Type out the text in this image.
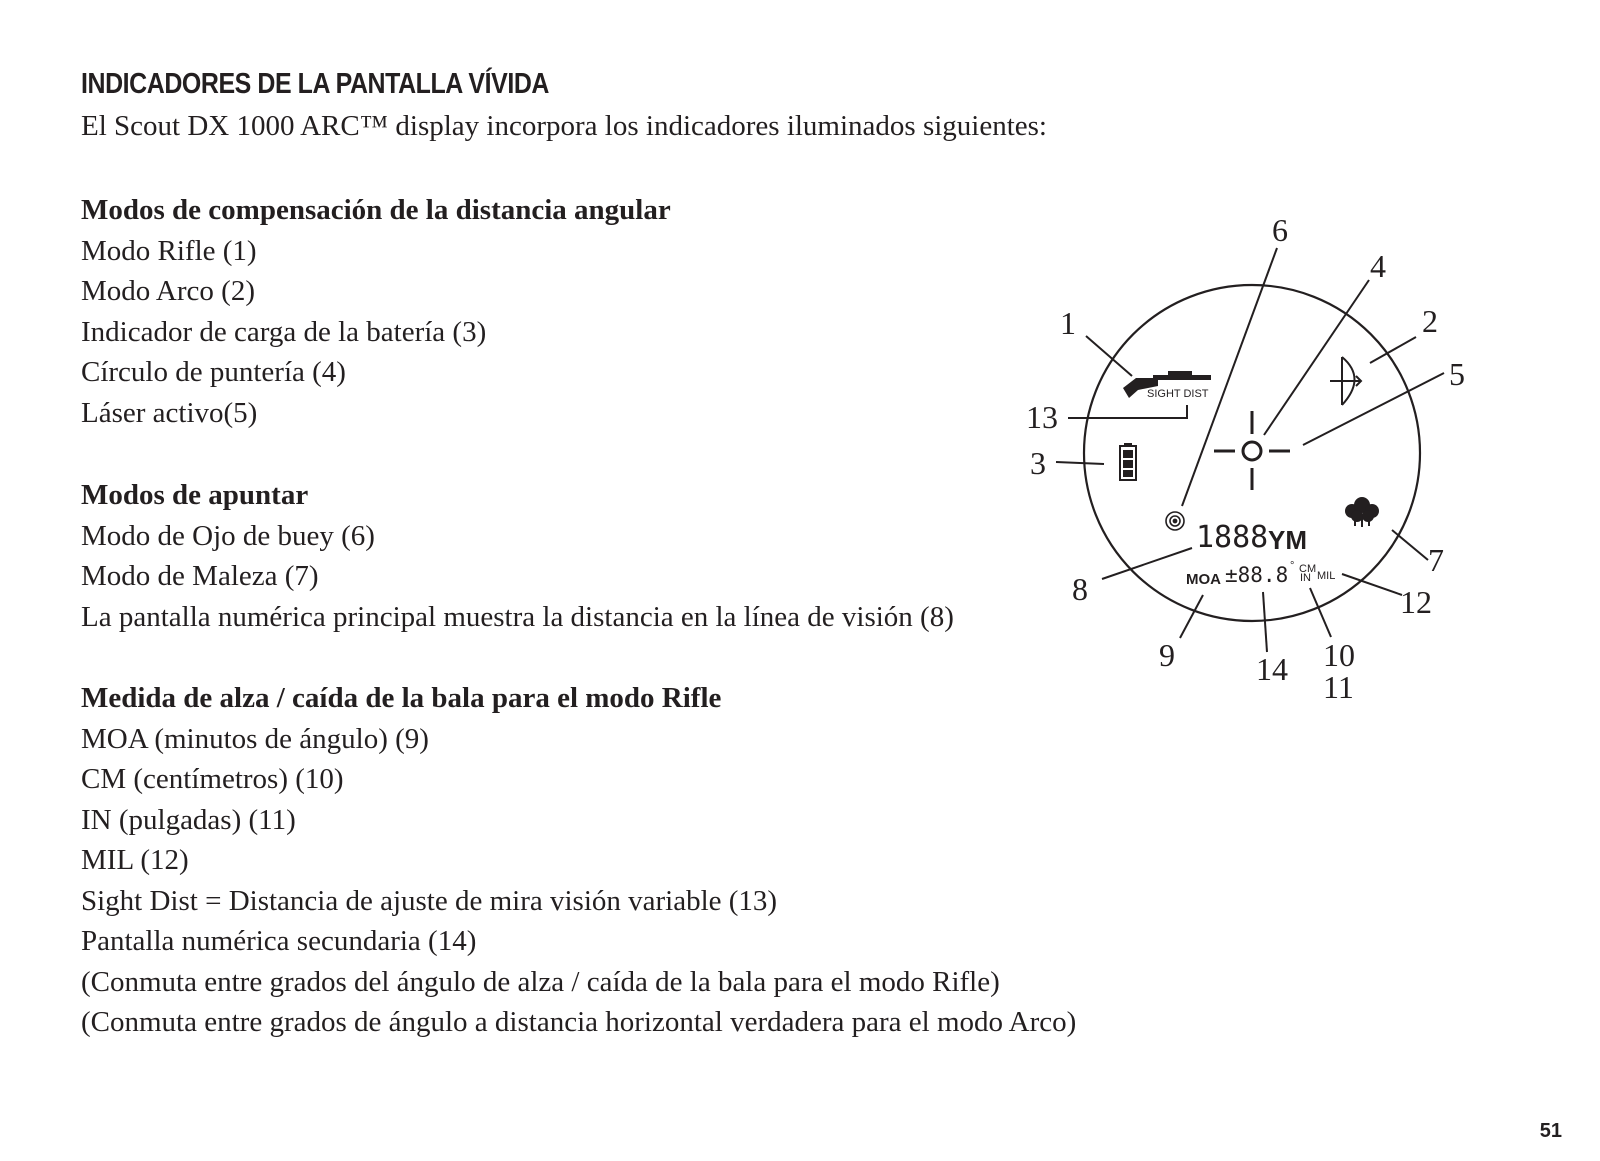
INDICADORES DE LA PANTALLA VÍVIDA

El Scout DX 1000 ARC™ display incorpora los indicadores iluminados siguientes:

Modos de compensación de la distancia angular
Modo Rifle (1)
Modo Arco (2)
Indicador de carga de la batería (3)
Círculo de puntería (4)
Láser activo(5)
Modos de apuntar
Modo de Ojo de buey (6)
Modo de Maleza (7)
La pantalla numérica principal muestra la distancia en la línea de visión (8)
Medida de alza / caída de la bala para el modo Rifle
MOA (minutos de ángulo) (9)
CM (centímetros) (10)
IN (pulgadas) (11)
MIL (12)
Sight Dist = Distancia de ajuste de mira visión variable (13)
Pantalla numérica secundaria (14)
(Conmuta entre grados del ángulo de alza / caída de la bala para el modo Rifle)
(Conmuta entre grados de ángulo a distancia horizontal verdadera para el modo Arco)
1	2
3
4
5
6
7
8
9	10
11
12
13
14
SIGHT DIST
1888 YM
MOA ±88.8 ° CM
IN MIL
51
